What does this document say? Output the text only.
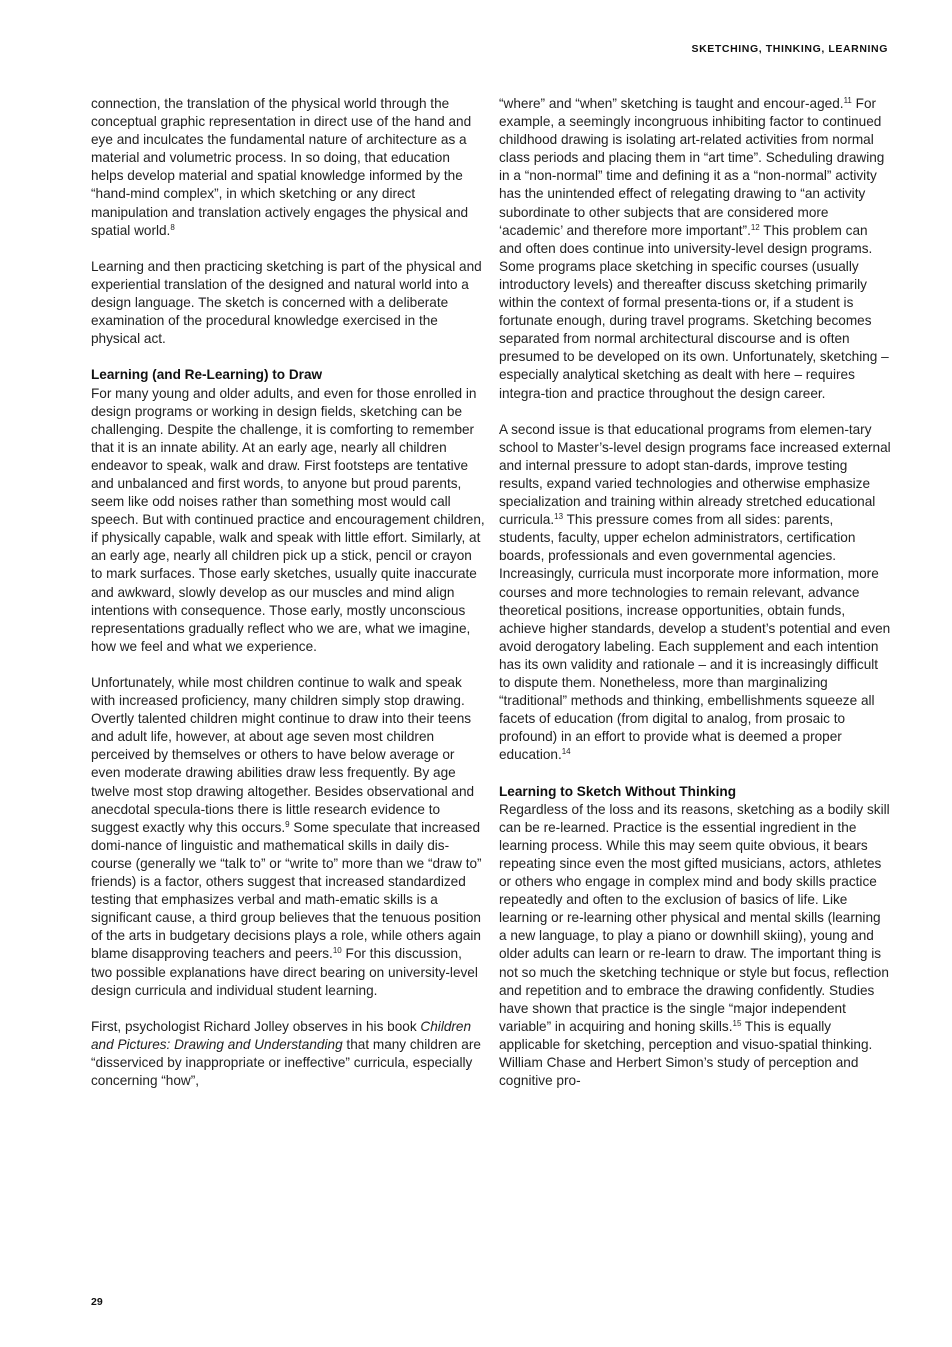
SKETCHING, THINKING, LEARNING

connection, the translation of the physical world through the conceptual graphic representation in direct use of the hand and eye and inculcates the fundamental nature of architecture as a material and volumetric process. In so doing, that education helps develop material and spatial knowledge informed by the “hand-mind complex”, in which sketching or any direct manipulation and translation actively engages the physical and spatial world.$^8$

Learning and then practicing sketching is part of the physical and experiential translation of the designed and natural world into a design language. The sketch is concerned with a deliberate examination of the procedural knowledge exercised in the physical act.

Learning (and Re-Learning) to Draw

For many young and older adults, and even for those enrolled in design programs or working in design fields, sketching can be challenging. Despite the challenge, it is comforting to remember that it is an innate ability. At an early age, nearly all children endeavor to speak, walk and draw. First footsteps are tentative and unbalanced and first words, to anyone but proud parents, seem like odd noises rather than something most would call speech. But with continued practice and encouragement children, if physically capable, walk and speak with little effort. Similarly, at an early age, nearly all children pick up a stick, pencil or crayon to mark surfaces. Those early sketches, usually quite inaccurate and awkward, slowly develop as our muscles and mind align intentions with consequence. Those early, mostly unconscious representations gradually reflect who we are, what we imagine, how we feel and what we experience.

Unfortunately, while most children continue to walk and speak with increased proficiency, many children simply stop drawing. Overtly talented children might continue to draw into their teens and adult life, however, at about age seven most children perceived by themselves or others to have below average or even moderate drawing abilities draw less frequently. By age twelve most stop drawing altogether. Besides observational and anecdotal specula-tions there is little research evidence to suggest exactly why this occurs.$^9$ Some speculate that increased domi-nance of linguistic and mathematical skills in daily dis-course (generally we “talk to” or “write to” more than we “draw to” friends) is a factor, others suggest that increased standardized testing that emphasizes verbal and math-ematic skills is a significant cause, a third group believes that the tenuous position of the arts in budgetary decisions plays a role, while others again blame disapproving teachers and peers.$^{10}$ For this discussion, two possible explanations have direct bearing on university-level design curricula and individual student learning.

First, psychologist Richard Jolley observes in his book Children and Pictures: Drawing and Understanding that many children are “disserviced by inappropriate or ineffective” curricula, especially concerning “how”,

“where” and “when” sketching is taught and encour-aged.$^{11}$ For example, a seemingly incongruous inhibiting factor to continued childhood drawing is isolating art-related activities from normal class periods and placing them in “art time”. Scheduling drawing in a “non-normal” time and defining it as a “non-normal” activity has the unintended effect of relegating drawing to “an activity subordinate to other subjects that are considered more ‘academic’ and therefore more important”.$^{12}$ This problem can and often does continue into university-level design programs. Some programs place sketching in specific courses (usually introductory levels) and thereafter discuss sketching primarily within the context of formal presenta-tions or, if a student is fortunate enough, during travel programs. Sketching becomes separated from normal architectural discourse and is often presumed to be developed on its own. Unfortunately, sketching – especially analytical sketching as dealt with here – requires integra-tion and practice throughout the design career.

A second issue is that educational programs from elemen-tary school to Master’s-level design programs face increased external and internal pressure to adopt stan-dards, improve testing results, expand varied technologies and otherwise emphasize specialization and training within already stretched educational curricula.$^{13}$ This pressure comes from all sides: parents, students, faculty, upper echelon administrators, certification boards, professionals and even governmental agencies. Increasingly, curricula must incorporate more information, more courses and more technologies to remain relevant, advance theoretical positions, increase opportunities, obtain funds, achieve higher standards, develop a student’s potential and even avoid derogatory labeling. Each supplement and each intention has its own validity and rationale – and it is increasingly difficult to dispute them. Nonetheless, more than marginalizing “traditional” methods and thinking, embellishments squeeze all facets of education (from digital to analog, from prosaic to profound) in an effort to provide what is deemed a proper education.$^{14}$

Learning to Sketch Without Thinking

Regardless of the loss and its reasons, sketching as a bodily skill can be re-learned. Practice is the essential ingredient in the learning process. While this may seem quite obvious, it bears repeating since even the most gifted musicians, actors, athletes or others who engage in complex mind and body skills practice repeatedly and often to the exclusion of basics of life. Like learning or re-learning other physical and mental skills (learning a new language, to play a piano or downhill skiing), young and older adults can learn or re-learn to draw. The important thing is not so much the sketching technique or style but focus, reflection and repetition and to embrace the drawing confidently. Studies have shown that practice is the single “major independent variable” in acquiring and honing skills.$^{15}$ This is equally applicable for sketching, perception and visuo-spatial thinking. William Chase and Herbert Simon’s study of perception and cognitive pro-

29
